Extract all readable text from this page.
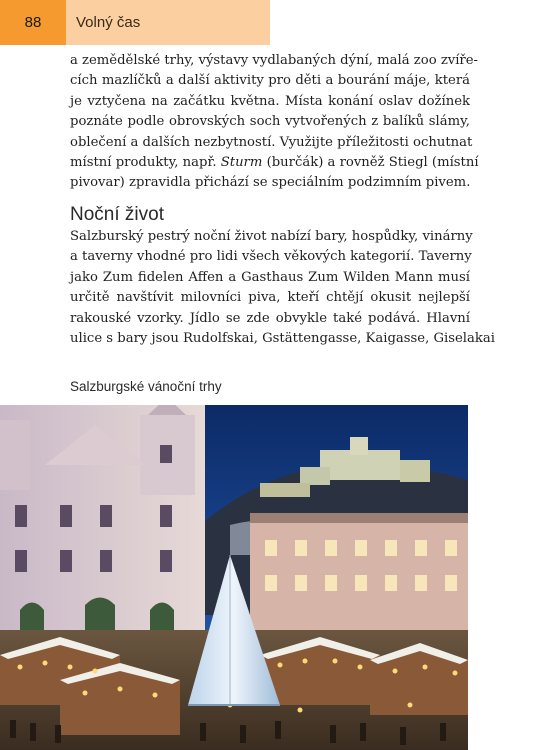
88	Volný čas

a zemědělské trhy, výstavy vydlabaných dýní, malá zoo zvíře-
cích mazlíčků a další aktivity pro děti a bourání máje, která
je vztyčena na začátku května. Místa konání oslav dožínek
poznáte podle obrovských soch vytvořených z balíků slámy,
oblečení a dalších nezbytností. Využijte příležitosti ochutnat
místní produkty, např. Sturm (burčák) a rovněž Stiegl (místní
pivovar) zpravidla přichází se speciálním podzimním pivem.

Noční život

Salzburský pestrý noční život nabízí bary, hospůdky, vinárny
a taverny vhodné pro lidi všech věkových kategorií. Taverny
jako Zum fidelen Affen a Gasthaus Zum Wilden Mann musí
určitě navštívit milovníci piva, kteří chtějí okusit nejlepší
rakouské vzorky. Jídlo se zde obvykle také podává. Hlavní
ulice s bary jsou Rudolfskai, Gstättengasse, Kaigasse, Giselakai

Salzburgské vánoční trhy
